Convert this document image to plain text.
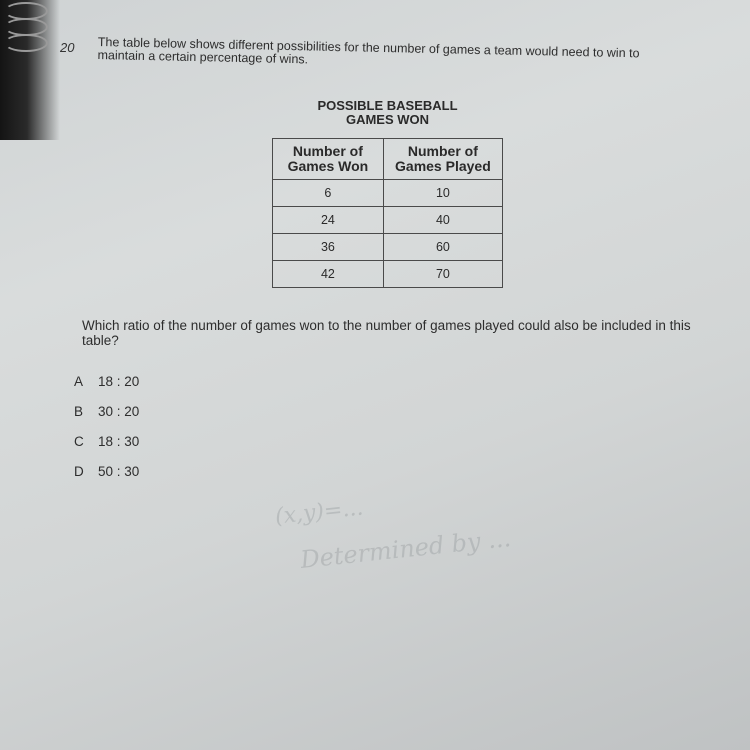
(x,y)=...
Determined by ...
20 The table below shows different possibilities for the number of games a team would need to win to maintain a certain percentage of wins.
POSSIBLE BASEBALL
GAMES WON
Number of Games Won	Number of Games Played
6	10
24	40
36	60
42	70
Which ratio of the number of games won to the number of games played could also be included in this table?
A	18 : 20
B	30 : 20
C	18 : 30
D	50 : 30
